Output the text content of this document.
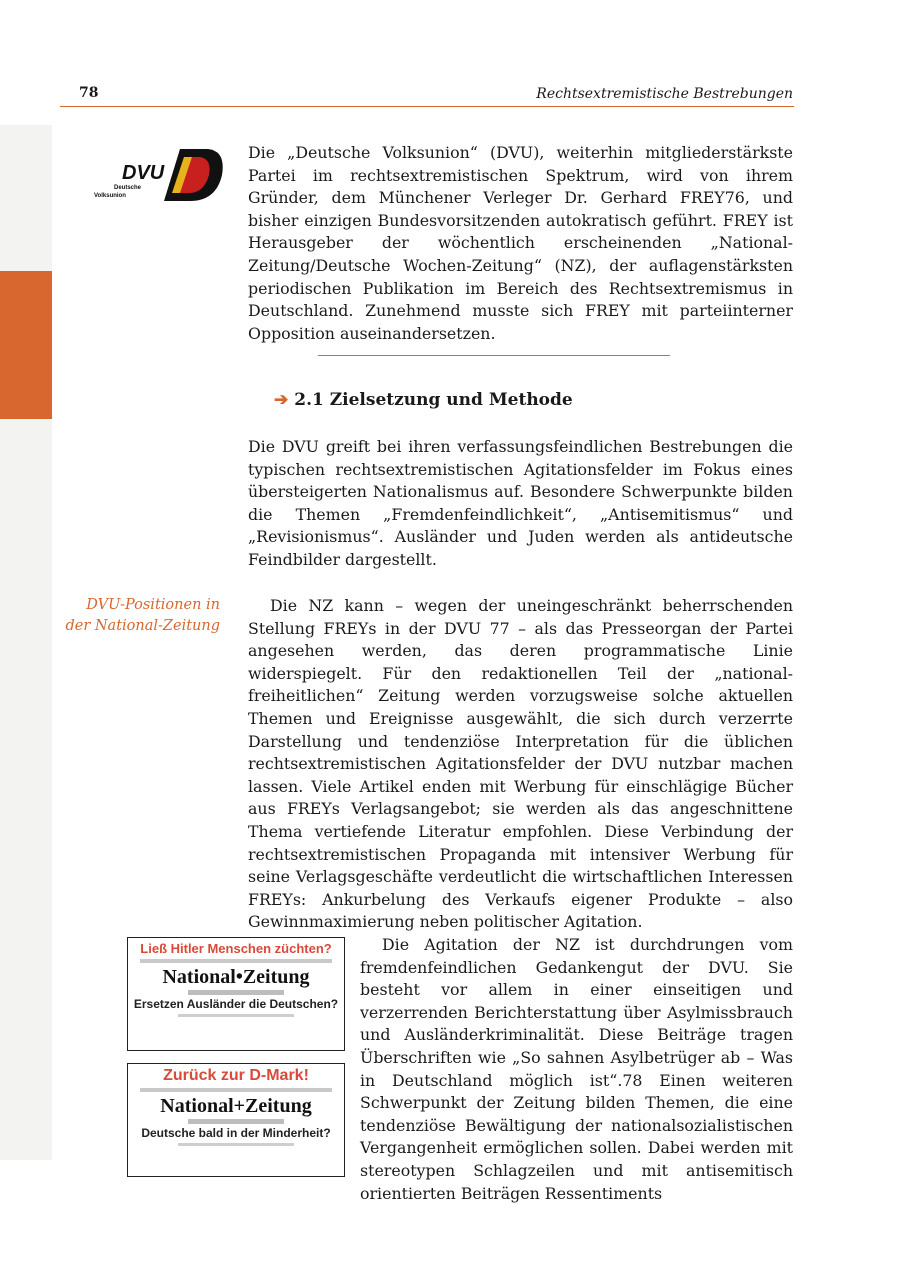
78	Rechtsextremistische Bestrebungen
DVU
Deutsche
Volksunion

Die „Deutsche Volksunion“ (DVU), weiterhin mitgliederstärkste Partei im rechtsextremistischen Spektrum, wird von ihrem Gründer, dem Münchener Verleger Dr. Gerhard FREY76, und bisher einzigen Bundesvorsitzenden autokratisch geführt. FREY ist Herausgeber der wöchentlich erscheinenden „National-Zeitung/Deutsche Wochen-Zeitung“ (NZ), der auflagenstärksten periodischen Publikation im Bereich des Rechtsextremismus in Deutschland. Zunehmend musste sich FREY mit parteiinterner Opposition auseinandersetzen.

➔ 2.1 Zielsetzung und Methode

Die DVU greift bei ihren verfassungsfeindlichen Bestrebungen die typischen rechtsextremistischen Agitationsfelder im Fokus eines übersteigerten Nationalismus auf. Besondere Schwerpunkte bilden die Themen „Fremdenfeindlichkeit“, „Antisemitismus“ und „Revisionismus“. Ausländer und Juden werden als antideutsche Feindbilder dargestellt.

DVU-Positionen in
der National-Zeitung

Die NZ kann – wegen der uneingeschränkt beherrschenden Stellung FREYs in der DVU 77 – als das Presseorgan der Partei angesehen werden, das deren programmatische Linie widerspiegelt. Für den redaktionellen Teil der „national-freiheitlichen“ Zeitung werden vorzugsweise solche aktuellen Themen und Ereignisse ausgewählt, die sich durch verzerrte Darstellung und tendenziöse Interpretation für die üblichen rechtsextremistischen Agitationsfelder der DVU nutzbar machen lassen. Viele Artikel enden mit Werbung für einschlägige Bücher aus FREYs Verlagsangebot; sie werden als das angeschnittene Thema vertiefende Literatur empfohlen. Diese Verbindung der rechtsextremistischen Propaganda mit intensiver Werbung für seine Verlagsgeschäfte verdeutlicht die wirtschaftlichen Interessen FREYs: Ankurbelung des Verkaufs eigener Produkte – also Gewinnmaximierung neben politischer Agitation.

Ließ Hitler Menschen züchten?
National•Zeitung
Ersetzen Ausländer die Deutschen?
Zurück zur D-Mark!
National+Zeitung
Deutsche bald in der Minderheit?

Die Agitation der NZ ist durchdrungen vom fremdenfeindlichen Gedankengut der DVU. Sie besteht vor allem in einer einseitigen und verzerrenden Berichterstattung über Asylmissbrauch und Ausländerkriminalität. Diese Beiträge tragen Überschriften wie „So sahnen Asylbetrüger ab – Was in Deutschland möglich ist“.78 Einen weiteren Schwerpunkt der Zeitung bilden Themen, die eine tendenziöse Bewältigung der nationalsozialistischen Vergangenheit ermöglichen sollen. Dabei werden mit stereotypen Schlagzeilen und mit antisemitisch orientierten Beiträgen Ressentiments
